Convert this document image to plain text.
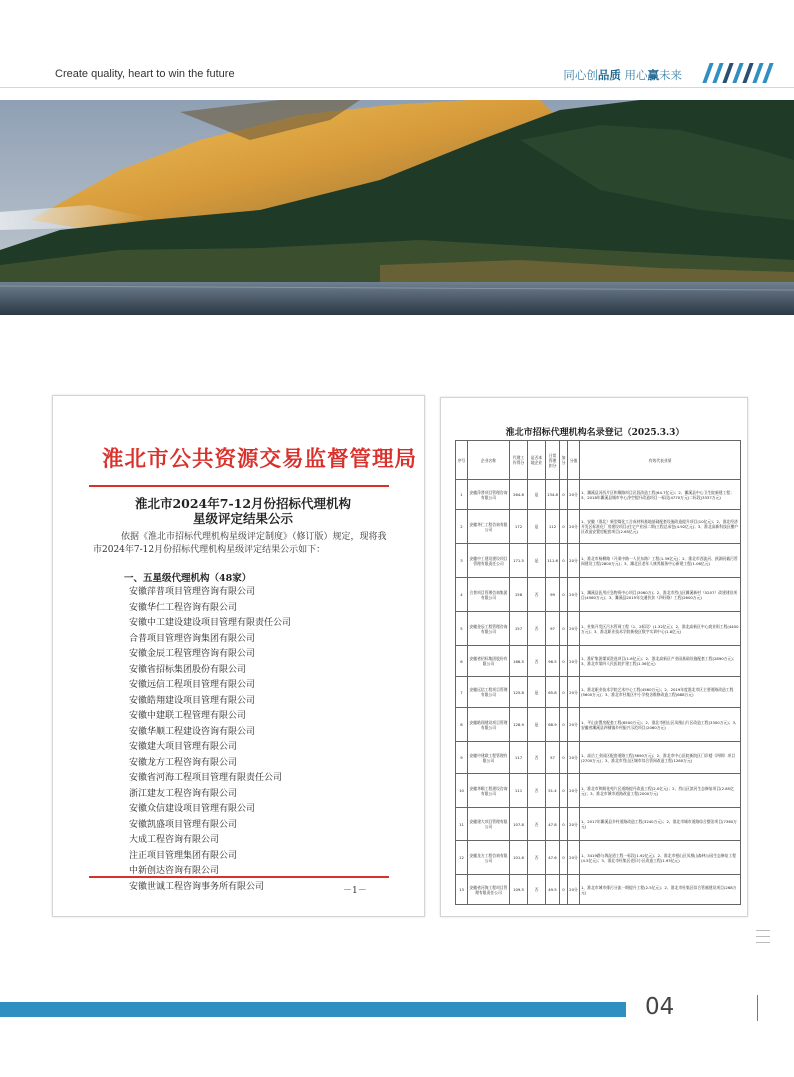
Create quality, heart to win the future	同心创品质 用心赢未来
淮北市公共资源交易监督管理局
淮北市2024年7-12月份招标代理机构
星级评定结果公示

依据《淮北市招标代理机构星级评定制度》（修订版）规定，现将我市2024年7-12月份招标代理机构星级评定结果公示如下：

一、五星级代理机构（48家）
安徽萍普项目管理咨询有限公司
安徽华仁工程咨询有限公司
安徽中工建设建设项目管理有限责任公司
合普项目管理咨询集团有限公司
安徽金辰工程管理咨询有限公司
安徽省招标集团股份有限公司
安徽远信工程项目管理有限公司
安徽皓翔建设项目管理有限公司
安徽中建联工程管理有限公司
安徽华顺工程建设咨询有限公司
安徽建大项目管理有限公司
安徽龙方工程咨询有限公司
安徽省河海工程项目管理有限责任公司
浙江建友工程咨询有限公司
安徽众信建设项目管理有限公司
安徽凯盛项目管理有限公司
大成工程咨询有限公司
注正项目管理集团有限公司
中新创达咨询有限公司
安徽世诚工程咨询事务所有限公司	－1－
淮北市招标代理机构名录登记（2025.3.3）
序号	企业名称	代理工作得分	是否本地企业	日常管理扣分	加分	分值	有效代表业绩
1	安徽萍普项目管理咨询有限公司	264.6	是	134.8	0	20分	1、濉溪县河西片区和顺路项目区段改造工程(64.7亿元)；2、濉溪县中心卫生院新建工程；3、2018年濉溪县城市中心净空提升改造项目一标段(4770万元)二标段(3337万元)
2	安徽华仁工程咨询有限公司	172	是	112	0	20分	1、安徽（淮北）新型煤化工合成材料基地基础配套设施改造提升项目(10亿元)；2、淮北经济开发区标准化厂房建设项目(住宅产业园二期)工程总承包(4.92亿元)；3、淮北高新科技区棚户区改造安置房配套项目(2.65亿元)
3	安徽中工建设建设项目管理有限责任公司	171.5	是	111.6	0	20分	1、淮北市杨柳路（开渠中路一人民东路）工程(1.39亿元)；2、淮北市西流河、跃湖河截污管网建设工程(2800万元)；3、濉北区老年人康养服务中心新建工程(1.06亿元)
4	合普项目管理咨询集团有限公司	158	否	99	0	20分	1、濉溪县医用应急物资中心项目(3060万)；2、淮北市烈山区濉溪新村（5207）改建建设项目(4560万元)；3、濉溪县2019年交通扶贫（四好路）工程(2600万元)
5	安徽金辰工程管理咨询有限公司	157	否	97	0	20分	1、杜集开发区污水管网工程（1、2标段）(1.32亿元)；2、淮北高新区中心商业街工程(4400万元)；3、淮北职业技术学院新校区数字实训中心(1.8亿元)
6	安徽省招标集团股份有限公司	166.5	否	96.5	0	20分	1、淮矿集团煤炭洗选项目(1.8亿元)；2、淮北高新区产业园基础设施配套工程(2890万元)；3、淮北市第四人民医院扩建工程(1.36亿元)
7	安徽远信工程项目管理有限公司	125.8	是	65.8	0	20分	1、淮北职业技术学院艺术中心工程(4560万元)；2、2019年度淮北市区主要道路改造工程(5600万元)；3、淮北市杜集区中小学校舍维修改造工程(688万元)
8	安徽皓翔建设项目管理有限公司	128.9	是	68.9	0	20分	1、平山安置房配套工程(6500万元)；2、淮北市相山区凤凰山片区改造工程(3300万元)；3、安徽省濉溪县四铺镇乡村振兴示范项目(2060万元)
9	安徽中建联工程管理有限公司	117	否	57	0	20分	1、高岳工业园区配套道路工程(3690万元)；2、淮北市中心医院新院区门诊楼（四期）项目(2700万元)；3、淮北市烈山区城市综合管网改造工程(1260万元)
10	安徽华顺工程建设咨询有限公司	111	否	51.4	0	20分	1、淮北市和顺花苑片区道路提升改造工程(2.0亿元)；2、烈山区滨河生态修复项目(2.85亿元)；3、淮北市城市道路改造工程(2000万元)
11	安徽建大项目管理有限公司	107.8	否	47.8	0	20分	1、2017年濉溪县乡村道路改造工程(3240万元)；2、淮北市城市道路综合整治项目(7360万元)
12	安徽龙方工程咨询有限公司	101.6	否	47.6	0	20分	1、3419路与海淀道工程一标段(1.92亿元)；2、淮北市相山区凤凰山森林公园生态修复工程(4.5亿元)；3、淮北市杜集区老旧小区改造工程(1.93亿元)
13	安徽省河海工程项目管理有限责任公司	109.5	否	49.5	0	20分	1、淮北市城市排污分流一期提升工程(2.5亿元)；2、淮北市杜集区综合管廊建设项目(268万元)
04
